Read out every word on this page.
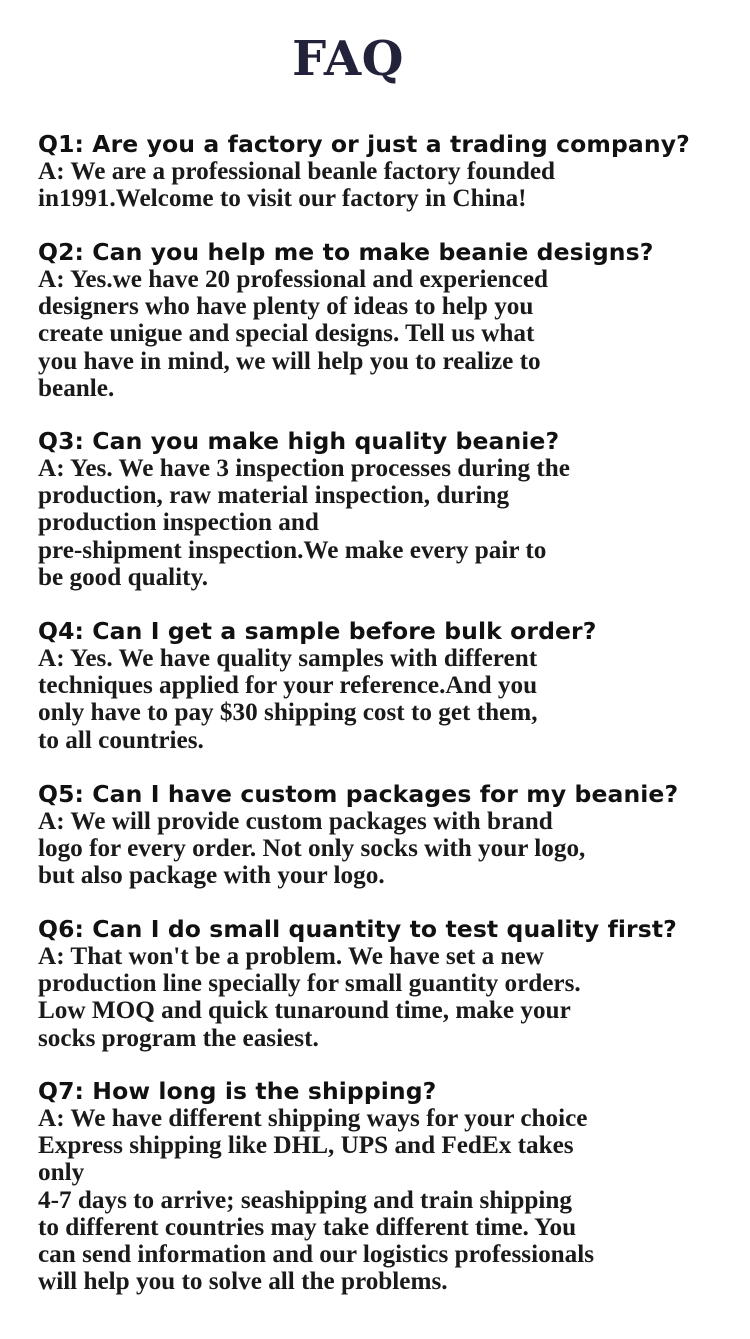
FAQ
Q1: Are you a factory or just a trading company?
A: We are a professional beanle factory founded
in1991.Welcome to visit our factory in China!
Q2: Can you help me to make beanie designs?
A: Yes.we have 20 professional and experienced
designers who have plenty of ideas to help you
create unigue and special designs. Tell us what
you have in mind, we will help you to realize to
beanle.
Q3: Can you make high quality beanie?
A: Yes. We have 3 inspection processes during the
production, raw material inspection, during
production inspection and
pre-shipment inspection.We make every pair to
be good quality.
Q4: Can I get a sample before bulk order?
A: Yes. We have quality samples with different
techniques applied for your reference.And you
only have to pay $30 shipping cost to get them,
to all countries.
Q5: Can I have custom packages for my beanie?
A: We will provide custom packages with brand
logo for every order. Not only socks with your logo,
but also package with your logo.
Q6: Can I do small quantity to test quality first?
A: That won't be a problem. We have set a new
production line specially for small guantity orders.
Low MOQ and quick tunaround time, make your
socks program the easiest.
Q7: How long is the shipping?
A: We have different shipping ways for your choice
Express shipping like DHL, UPS and FedEx takes
only
4-7 days to arrive; seashipping and train shipping
to different countries may take different time. You
can send information and our logistics professionals
will help you to solve all the problems.
